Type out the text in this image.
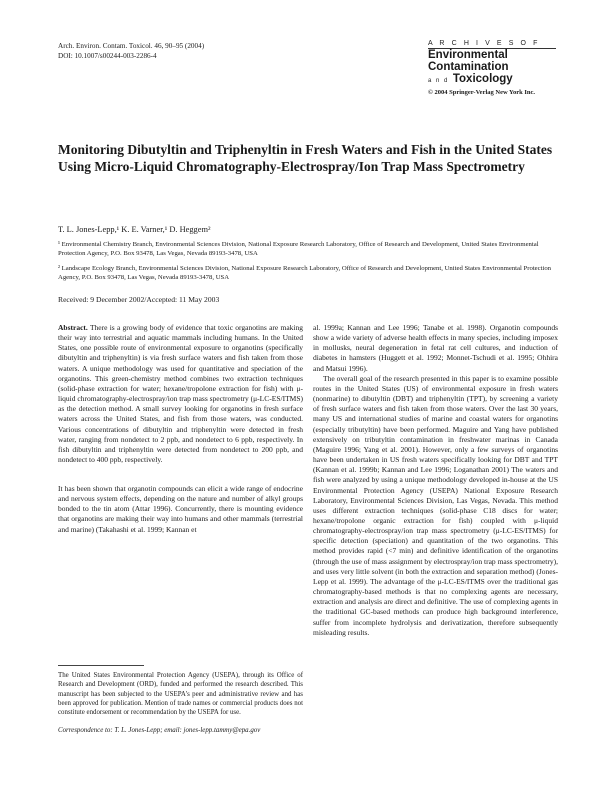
Arch. Environ. Contam. Toxicol. 46, 90–95 (2004)
DOI: 10.1007/s00244-003-2286-4
A R C H I V E S O F
Environmental
Contamination
a n d Toxicology
© 2004 Springer-Verlag New York Inc.
Monitoring Dibutyltin and Triphenyltin in Fresh Waters and Fish in the United States Using Micro-Liquid Chromatography-Electrospray/Ion Trap Mass Spectrometry
T. L. Jones-Lepp,¹ K. E. Varner,¹ D. Heggem²
¹ Environmental Chemistry Branch, Environmental Sciences Division, National Exposure Research Laboratory, Office of Research and Development, United States Environmental Protection Agency, P.O. Box 93478, Las Vegas, Nevada 89193-3478, USA
² Landscape Ecology Branch, Environmental Sciences Division, National Exposure Research Laboratory, Office of Research and Development, United States Environmental Protection Agency, P.O. Box 93478, Las Vegas, Nevada 89193-3478, USA
Received: 9 December 2002/Accepted: 11 May 2003

Abstract. There is a growing body of evidence that toxic organotins are making their way into terrestrial and aquatic mammals including humans. In the United States, one possible route of environmental exposure to organotins (specifically dibutyltin and triphenyltin) is via fresh surface waters and fish taken from those waters. A unique methodology was used for quantitative and speciation of the organotins. This green-chemistry method combines two extraction techniques (solid-phase extraction for water; hexane/tropolone extraction for fish) with μ-liquid chromatography-electrospray/ion trap mass spectrometry (μ-LC-ES/ITMS) as the detection method. A small survey looking for organotins in fresh surface waters across the United States, and fish from those waters, was conducted. Various concentrations of dibutyltin and triphenyltin were detected in fresh water, ranging from nondetect to 2 ppb, and nondetect to 6 ppb, respectively. In fish dibutyltin and triphenyltin were detected from nondetect to 200 ppb, and nondetect to 400 ppb, respectively.

It has been shown that organotin compounds can elicit a wide range of endocrine and nervous system effects, depending on the nature and number of alkyl groups bonded to the tin atom (Attar 1996). Concurrently, there is mounting evidence that organotins are making their way into humans and other mammals (terrestrial and marine) (Takahashi et al. 1999; Kannan et

al. 1999a; Kannan and Lee 1996; Tanabe et al. 1998). Organotin compounds show a wide variety of adverse health effects in many species, including imposex in mollusks, neural degeneration in fetal rat cell cultures, and induction of diabetes in hamsters (Huggett et al. 1992; Monnet-Tschudi et al. 1995; Ohhira and Matsui 1996).

The overall goal of the research presented in this paper is to examine possible routes in the United States (US) of environmental exposure in fresh waters (nonmarine) to dibutyltin (DBT) and triphenyltin (TPT), by screening a variety of fresh surface waters and fish taken from those waters. Over the last 30 years, many US and international studies of marine and coastal waters for organotins (especially tributyltin) have been performed. Maguire and Yang have published extensively on tributyltin contamination in freshwater marinas in Canada (Maguire 1996; Yang et al. 2001). However, only a few surveys of organotins have been undertaken in US fresh waters specifically looking for DBT and TPT (Kannan et al. 1999b; Kannan and Lee 1996; Loganathan 2001) The waters and fish were analyzed by using a unique methodology developed in-house at the US Environmental Protection Agency (USEPA) National Exposure Research Laboratory, Environmental Sciences Division, Las Vegas, Nevada. This method uses different extraction techniques (solid-phase C18 discs for water; hexane/tropolone organic extraction for fish) coupled with μ-liquid chromatography-electrospray/ion trap mass spectrometry (μ-LC-ES/ITMS) for specific detection (speciation) and quantitation of the two organotins. This method provides rapid (<7 min) and definitive identification of the organotins (through the use of mass assignment by electrospray/ion trap mass spectrometry), and uses very little solvent (in both the extraction and separation method) (Jones-Lepp et al. 1999). The advantage of the μ-LC-ES/ITMS over the traditional gas chromatography-based methods is that no complexing agents are necessary, extraction and analysis are direct and definitive. The use of complexing agents in the traditional GC-based methods can produce high background interference, suffer from incomplete hydrolysis and derivatization, therefore subsequently misleading results.

The United States Environmental Protection Agency (USEPA), through its Office of Research and Development (ORD), funded and performed the research described. This manuscript has been subjected to the USEPA's peer and administrative review and has been approved for publication. Mention of trade names or commercial products does not constitute endorsement or recommendation by the USEPA for use.
Correspondence to: T. L. Jones-Lepp; email: jones-lepp.tammy@epa.gov
